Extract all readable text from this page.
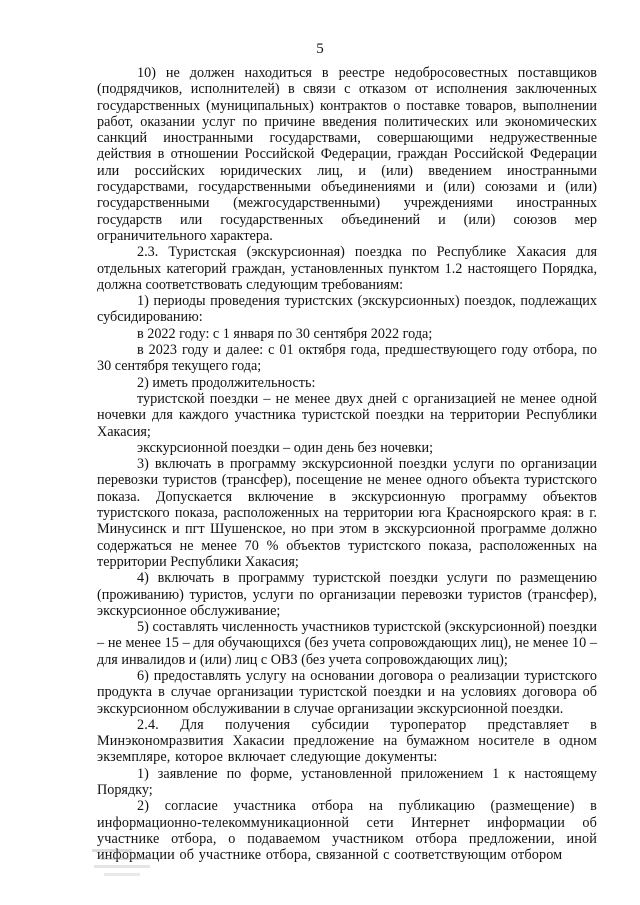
5

10) не должен находиться в реестре недобросовестных поставщиков (подрядчиков, исполнителей) в связи с отказом от исполнения заключенных государственных (муниципальных) контрактов о поставке товаров, выполнении работ, оказании услуг по причине введения политических или экономических санкций иностранными государствами, совершающими недружественные действия в отношении Российской Федерации, граждан Российской Федерации или российских юридических лиц, и (или) введением иностранными государствами, государственными объединениями и (или) союзами и (или) государственными (межгосударственными) учреждениями иностранных государств или государственных объединений и (или) союзов мер ограничительного характера.

2.3. Туристская (экскурсионная) поездка по Республике Хакасия для отдельных категорий граждан, установленных пунктом 1.2 настоящего Порядка, должна соответствовать следующим требованиям:

1) периоды проведения туристских (экскурсионных) поездок, подлежащих субсидированию:

в 2022 году: с 1 января по 30 сентября 2022 года;

в 2023 году и далее: с 01 октября года, предшествующего году отбора, по 30 сентября текущего года;

2) иметь продолжительность:

туристской поездки – не менее двух дней с организацией не менее одной ночевки для каждого участника туристской поездки на территории Республики Хакасия;

экскурсионной поездки – один день без ночевки;

3) включать в программу экскурсионной поездки услуги по организации перевозки туристов (трансфер), посещение не менее одного объекта туристского показа. Допускается включение в экскурсионную программу объектов туристского показа, расположенных на территории юга Красноярского края: в г. Минусинск и пгт Шушенское, но при этом в экскурсионной программе должно содержаться не менее 70 % объектов туристского показа, расположенных на территории Республики Хакасия;

4) включать в программу туристской поездки услуги по размещению (проживанию) туристов, услуги по организации перевозки туристов (трансфер), экскурсионное обслуживание;

5) составлять численность участников туристской (экскурсионной) поездки – не менее 15 – для обучающихся (без учета сопровождающих лиц), не менее 10 – для инвалидов и (или) лиц с ОВЗ (без учета сопровождающих лиц);

6) предоставлять услугу на основании договора о реализации туристского продукта в случае организации туристской поездки и на условиях договора об экскурсионном обслуживании в случае организации экскурсионной поездки.

2.4. Для получения субсидии туроператор представляет в Минэкономразвития Хакасии предложение на бумажном носителе в одном экземпляре, которое включает следующие документы:

1) заявление по форме, установленной приложением 1 к настоящему Порядку;

2) согласие участника отбора на публикацию (размещение) в информационно-телекоммуникационной сети Интернет информации об участнике отбора, о подаваемом участником отбора предложении, иной информации об участнике отбора, связанной с соответствующим отбором
